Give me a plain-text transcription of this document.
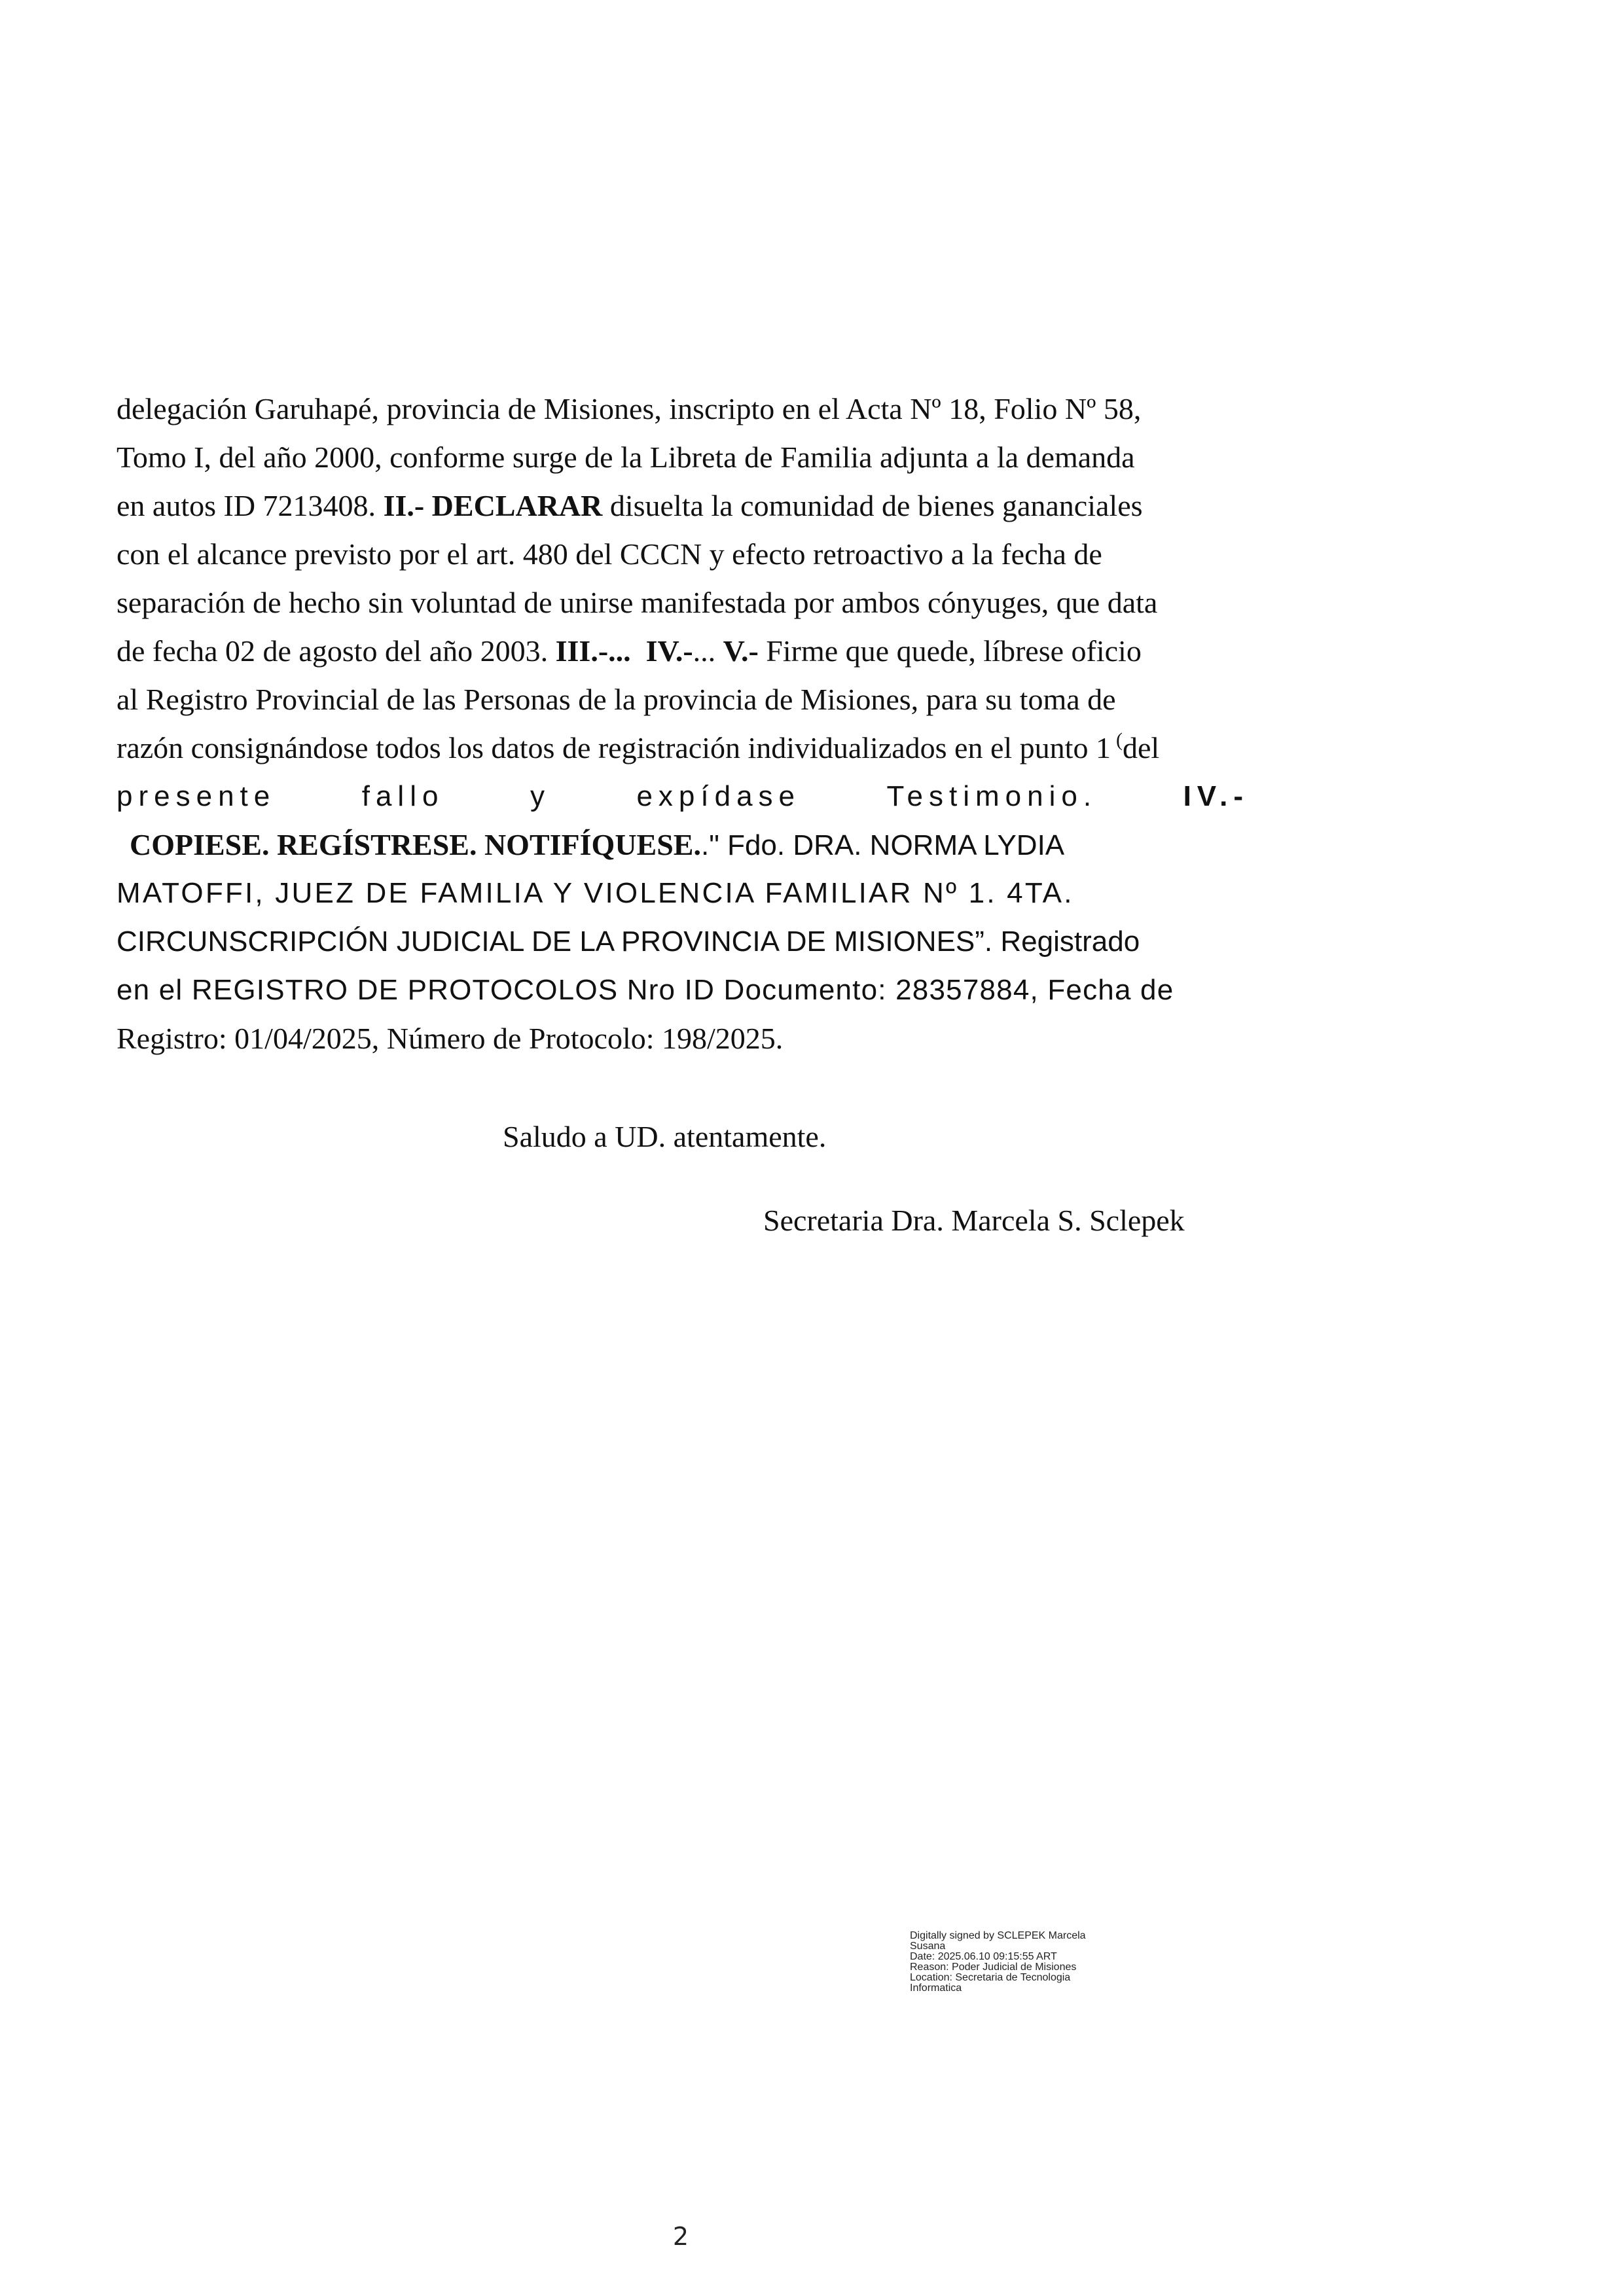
delegación Garuhapé, provincia de Misiones, inscripto en el Acta Nº 18, Folio Nº 58,
Tomo I, del año 2000, conforme surge de la Libreta de Familia adjunta a la demanda
en autos ID 7213408. II.- DECLARAR disuelta la comunidad de bienes gananciales
con el alcance previsto por el art. 480 del CCCN y efecto retroactivo a la fecha de
separación de hecho sin voluntad de unirse manifestada por ambos cónyuges, que data
de fecha 02 de agosto del año 2003. III.-... IV.-... V.- Firme que quede, líbrese oficio
al Registro Provincial de las Personas de la provincia de Misiones, para su toma de
razón consignándose todos los datos de registración individualizados en el punto 1 (del
presente	fallo	y	expídase	Testimonio.	IV.-
COPIESE. REGÍSTRESE. NOTIFÍQUESE.." Fdo. DRA. NORMA LYDIA
MATOFFI, JUEZ DE FAMILIA Y VIOLENCIA FAMILIAR Nº 1. 4TA.
CIRCUNSCRIPCIÓN JUDICIAL DE LA PROVINCIA DE MISIONES”. Registrado
en el REGISTRO DE PROTOCOLOS Nro ID Documento: 28357884, Fecha de
Registro: 01/04/2025, Número de Protocolo: 198/2025.
Saludo a UD. atentamente.
Secretaria Dra. Marcela S. Sclepek
Digitally signed by SCLEPEK Marcela
Susana
Date: 2025.06.10 09:15:55 ART
Reason: Poder Judicial de Misiones
Location: Secretaria de Tecnologia
Informatica
2
